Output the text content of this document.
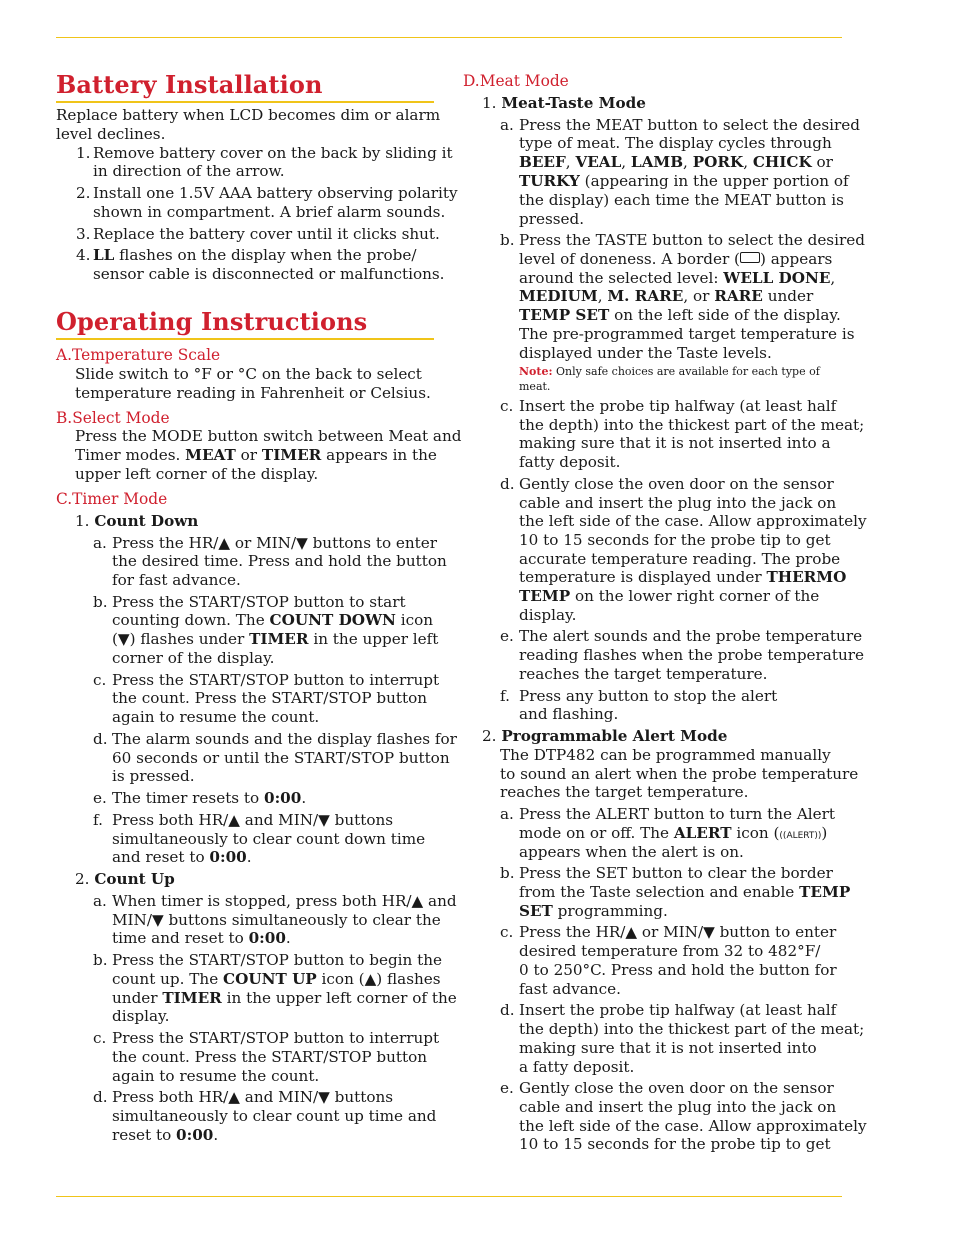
Battery Installation
Replace battery when LCD becomes dim or alarm
level declines.
1. Remove battery cover on the back by sliding it
in direction of the arrow.
2. Install one 1.5V AAA battery observing polarity
shown in compartment. A brief alarm sounds.
3. Replace the battery cover until it clicks shut.
4. LL flashes on the display when the probe/
sensor cable is disconnected or malfunctions.
Operating Instructions
A.Temperature Scale
Slide switch to °F or °C on the back to select
temperature reading in Fahrenheit or Celsius.
B.Select Mode
Press the MODE button switch between Meat and
Timer modes. MEAT or TIMER appears in the
upper left corner of the display.
C.Timer Mode
1. Count Down
a. Press the HR/▲ or MIN/▼ buttons to enter
the desired time. Press and hold the button
for fast advance.
b. Press the START/STOP button to start
counting down. The COUNT DOWN icon
(▼) flashes under TIMER in the upper left
corner of the display.
c. Press the START/STOP button to interrupt
the count. Press the START/STOP button
again to resume the count.
d. The alarm sounds and the display flashes for
60 seconds or until the START/STOP button
is pressed.
e. The timer resets to 0:00.
f. Press both HR/▲ and MIN/▼ buttons
simultaneously to clear count down time
and reset to 0:00.
2. Count Up
a. When timer is stopped, press both HR/▲ and
MIN/▼ buttons simultaneously to clear the
time and reset to 0:00.
b. Press the START/STOP button to begin the
count up. The COUNT UP icon (▲) flashes
under TIMER in the upper left corner of the
display.
c. Press the START/STOP button to interrupt
the count. Press the START/STOP button
again to resume the count.
d. Press both HR/▲ and MIN/▼ buttons
simultaneously to clear count up time and
reset to 0:00.
D.Meat Mode
1. Meat-Taste Mode
a. Press the MEAT button to select the desired
type of meat. The display cycles through
BEEF, VEAL, LAMB, PORK, CHICK or
TURKY (appearing in the upper portion of
the display) each time the MEAT button is
pressed.
b. Press the TASTE button to select the desired
level of doneness. A border ( ) appears
around the selected level: WELL DONE,
MEDIUM, M. RARE, or RARE under
TEMP SET on the left side of the display.
The pre-programmed target temperature is
displayed under the Taste levels.
Note: Only safe choices are available for each type of
meat.
c. Insert the probe tip halfway (at least half
the depth) into the thickest part of the meat;
making sure that it is not inserted into a
fatty deposit.
d. Gently close the oven door on the sensor
cable and insert the plug into the jack on
the left side of the case. Allow approximately
10 to 15 seconds for the probe tip to get
accurate temperature reading. The probe
temperature is displayed under THERMO
TEMP on the lower right corner of the
display.
e. The alert sounds and the probe temperature
reading flashes when the probe temperature
reaches the target temperature.
f. Press any button to stop the alert
and flashing.
2. Programmable Alert Mode
The DTP482 can be programmed manually
to sound an alert when the probe temperature
reaches the target temperature.
a. Press the ALERT button to turn the Alert
mode on or off. The ALERT icon (((ALERT)))
appears when the alert is on.
b. Press the SET button to clear the border
from the Taste selection and enable TEMP
SET programming.
c. Press the HR/▲ or MIN/▼ button to enter
desired temperature from 32 to 482°F/
0 to 250°C. Press and hold the button for
fast advance.
d. Insert the probe tip halfway (at least half
the depth) into the thickest part of the meat;
making sure that it is not inserted into
a fatty deposit.
e. Gently close the oven door on the sensor
cable and insert the plug into the jack on
the left side of the case. Allow approximately
10 to 15 seconds for the probe tip to get
